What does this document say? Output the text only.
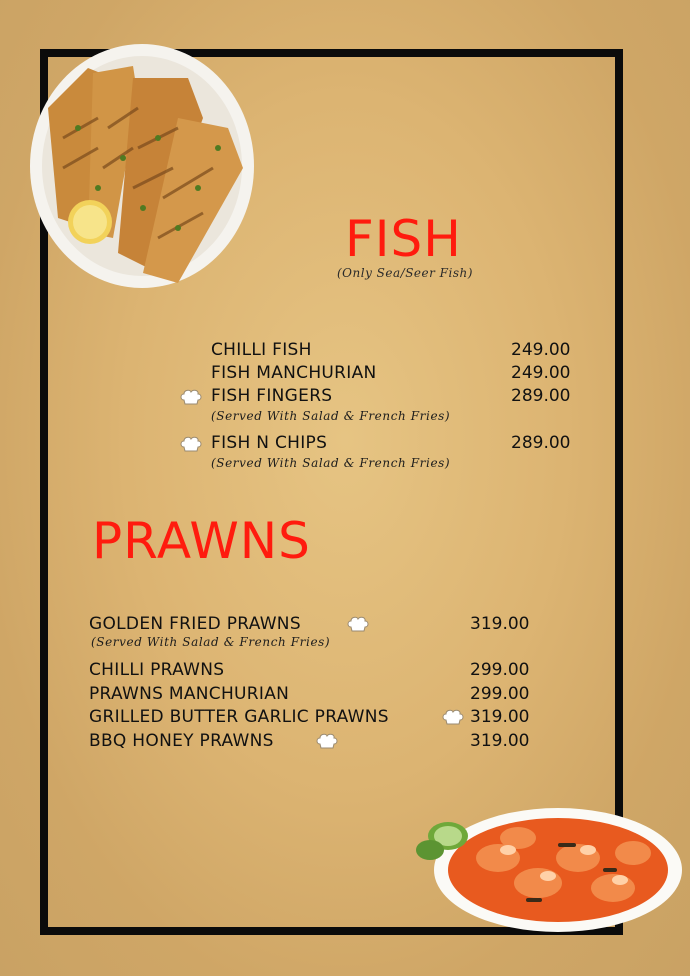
FISH
(Only Sea/Seer Fish)
CHILLI FISH	249.00
FISH MANCHURIAN	249.00
FISH FINGERS	289.00
(Served With Salad & French Fries)
FISH N CHIPS	289.00
(Served With Salad & French Fries)
PRAWNS
GOLDEN FRIED PRAWNS	319.00
(Served With Salad & French Fries)
CHILLI PRAWNS	299.00
PRAWNS MANCHURIAN	299.00
GRILLED BUTTER GARLIC PRAWNS	319.00
BBQ HONEY PRAWNS	319.00
